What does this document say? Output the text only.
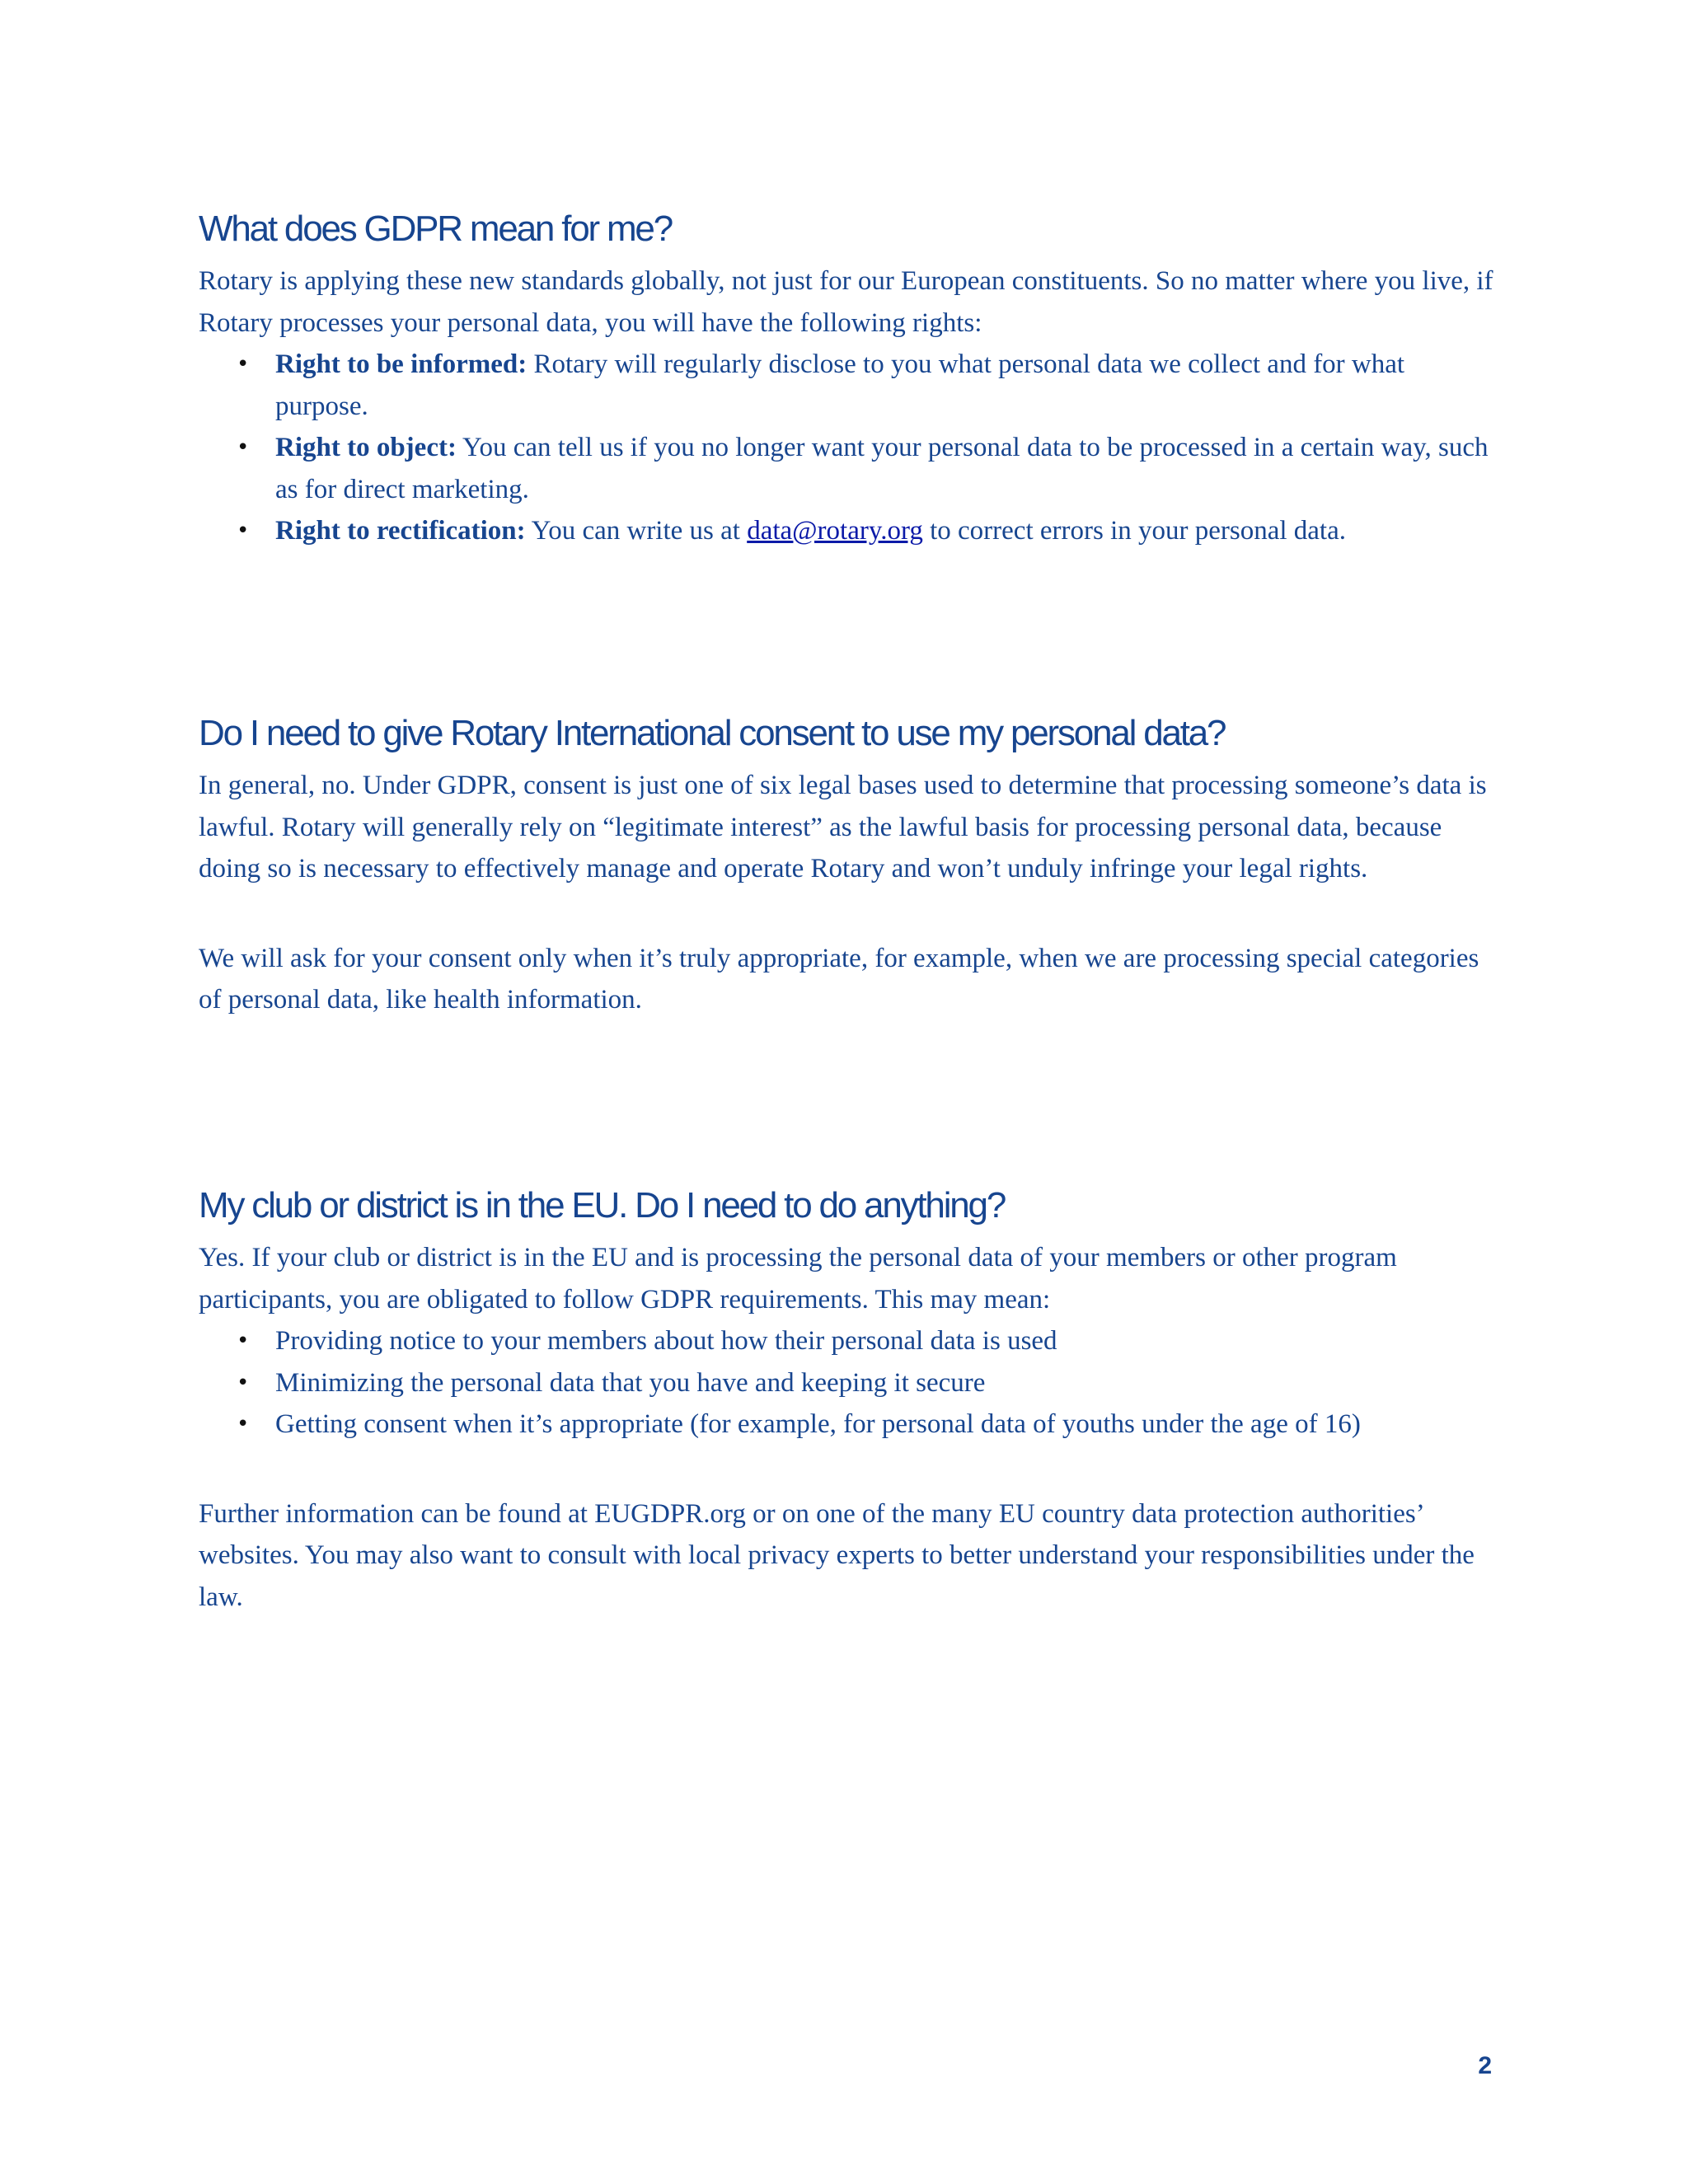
What does GDPR mean for me?

Rotary is applying these new standards globally, not just for our European constituents. So no matter where you live, if Rotary processes your personal data, you will have the following rights:

• Right to be informed: Rotary will regularly disclose to you what personal data we collect and for what purpose.
• Right to object: You can tell us if you no longer want your personal data to be processed in a certain way, such as for direct marketing.
• Right to rectification: You can write us at data@rotary.org to correct errors in your personal data.
Do I need to give Rotary International consent to use my personal data?

In general, no. Under GDPR, consent is just one of six legal bases used to determine that processing someone’s data is lawful. Rotary will generally rely on “legitimate interest” as the lawful basis for processing personal data, because doing so is necessary to effectively manage and operate Rotary and won’t unduly infringe your legal rights.

We will ask for your consent only when it’s truly appropriate, for example, when we are processing special categories of personal data, like health information.

My club or district is in the EU. Do I need to do anything?

Yes. If your club or district is in the EU and is processing the personal data of your members or other program participants, you are obligated to follow GDPR requirements. This may mean:

• Providing notice to your members about how their personal data is used
• Minimizing the personal data that you have and keeping it secure
• Getting consent when it’s appropriate (for example, for personal data of youths under the age of 16)

Further information can be found at EUGDPR.org or on one of the many EU country data protection authorities’ websites. You may also want to consult with local privacy experts to better understand your responsibilities under the law.

2
